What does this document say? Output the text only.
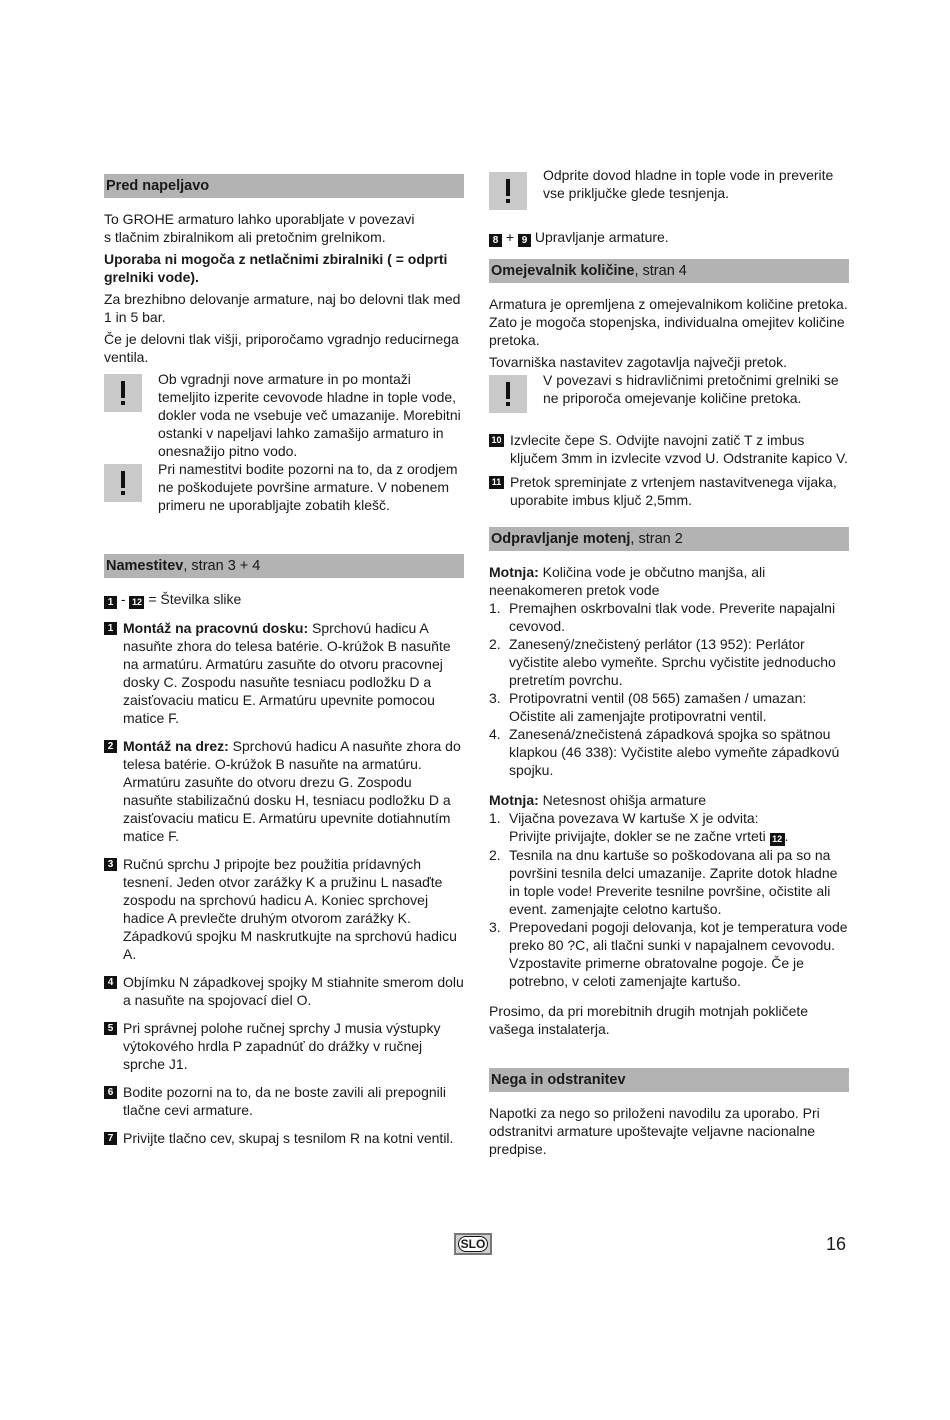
Pred napeljavo

To GROHE armaturo lahko uporabljate v povezavi
s tlačnim zbiralnikom ali pretočnim grelnikom.

Uporaba ni mogoča z netlačnimi zbiralniki ( = odprti grelniki vode).

Za brezhibno delovanje armature, naj bo delovni tlak med 1 in 5 bar.

Če je delovni tlak višji, priporočamo vgradnjo reducirnega ventila.

Ob vgradnji nove armature in po montaži temeljito izperite cevovode hladne in tople vode, dokler voda ne vsebuje več umazanije. Morebitni ostanki v napeljavi lahko zamašijo armaturo in onesnažijo pitno vodo.
Pri namestitvi bodite pozorni na to, da z orodjem ne poškodujete površine armature. V nobenem primeru ne uporabljajte zobatih klešč.
Namestitev, stran 3 + 4

1 - 12 = Številka slike

1 Montáž na pracovnú dosku: Sprchovú hadicu A nasuňte zhora do telesa batérie. O-krúžok B nasuňte na armatúru. Armatúru zasuňte do otvoru pracovnej dosky C. Zospodu nasuňte tesniacu podložku D a zaisťovaciu maticu E. Armatúru upevnite pomocou matice F.
2 Montáž na drez: Sprchovú hadicu A nasuňte zhora do telesa batérie. O-krúžok B nasuňte na armatúru. Armatúru zasuňte do otvoru drezu G. Zospodu nasuňte stabilizačnú dosku H, tesniacu podložku D a zaisťovaciu maticu E. Armatúru upevnite dotiahnutím matice F.
3 Ručnú sprchu J pripojte bez použitia prídavných tesnení. Jeden otvor zarážky K a pružinu L nasaďte zospodu na sprchovú hadicu A. Koniec sprchovej hadice A prevlečte druhým otvorom zarážky K. Západkovú spojku M naskrutkujte na sprchovú hadicu A.
4 Objímku N západkovej spojky M stiahnite smerom dolu a nasuňte na spojovací diel O.
5 Pri správnej polohe ručnej sprchy J musia výstupky výtokového hrdla P zapadnúť do drážky v ručnej sprche J1.
6 Bodite pozorni na to, da ne boste zavili ali prepognili tlačne cevi armature.
7 Privijte tlačno cev, skupaj s tesnilom R na kotni ventil.
Odprite dovod hladne in tople vode in preverite vse priključke glede tesnjenja.

8 + 9 Upravljanje armature.

Omejevalnik količine, stran 4

Armatura je opremljena z omejevalnikom količine pretoka. Zato je mogoča stopenjska, individualna omejitev količine pretoka.

Tovarniška nastavitev zagotavlja največji pretok.

V povezavi s hidravličnimi pretočnimi grelniki se ne priporoča omejevanje količine pretoka.
10 Izvlecite čepe S. Odvijte navojni zatič T z imbus ključem 3mm in izvlecite vzvod U. Odstranite kapico V.
11 Pretok spreminjate z vrtenjem nastavitvenega vijaka, uporabite imbus ključ 2,5mm.
Odpravljanje motenj, stran 2

Motnja: Količina vode je občutno manjša, ali neenakomeren pretok vode

1. Premajhen oskrbovalni tlak vode. Preverite napajalni cevovod.
2. Zanesený/znečistený perlátor (13 952): Perlátor vyčistite alebo vymeňte. Sprchu vyčistite jednoducho pretretím povrchu.
3. Protipovratni ventil (08 565) zamašen / umazan: Očistite ali zamenjajte protipovratni ventil.
4. Zanesená/znečistená západková spojka so spätnou klapkou (46 338): Vyčistite alebo vymeňte západkovú spojku.

Motnja: Netesnost ohišja armature

1. Vijačna povezava W kartuše X je odvita:
Privijte privijajte, dokler se ne začne vrteti 12 .
2. Tesnila na dnu kartuše so poškodovana ali pa so na površini tesnila delci umazanije. Zaprite dotok hladne in tople vode! Preverite tesnilne površine, očistite ali event. zamenjajte celotno kartušo.
3. Prepovedani pogoji delovanja, kot je temperatura vode preko 80 ?C, ali tlačni sunki v napajalnem cevovodu. Vzpostavite primerne obratovalne pogoje. Če je potrebno, v celoti zamenjajte kartušo.

Prosimo, da pri morebitnih drugih motnjah pokličete vašega instalaterja.

Nega in odstranitev

Napotki za nego so priloženi navodilu za uporabo. Pri odstranitvi armature upoštevajte veljavne nacionalne predpise.

SLO	16
